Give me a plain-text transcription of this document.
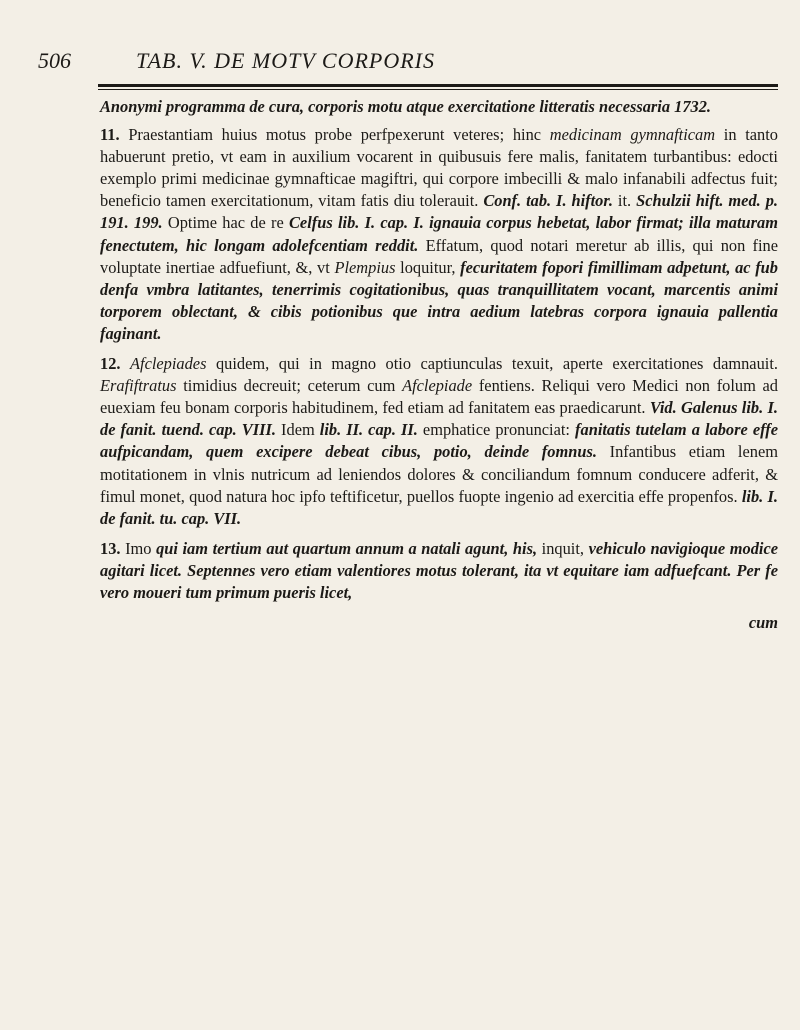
506	TAB. V. DE MOTV CORPORIS

Anonymi programma de cura, corporis motu atque exercitatione litteratis necessaria 1732.

11. Praestantiam huius motus probe perfpexerunt veteres; hinc medicinam gymnafticam in tanto habuerunt pretio, vt eam in auxilium vocarent in quibusuis fere malis, fanitatem turbantibus: edocti exemplo primi medicinae gymnafticae magiftri, qui corpore imbecilli & malo infanabili adfectus fuit; beneficio tamen exercitationum, vitam fatis diu tolerauit. Conf. tab. I. hiftor. it. Schulzii hift. med. p. 191. 199. Optime hac de re Celfus lib. I. cap. I. ignauia corpus hebetat, labor firmat; illa maturam fenectutem, hic longam adolefcentiam reddit. Effatum, quod notari meretur ab illis, qui non fine voluptate inertiae adfuefiunt, &, vt Plempius loquitur, fecuritatem fopori fimillimam adpetunt, ac fub denfa vmbra latitantes, tenerrimis cogitationibus, quas tranquillitatem vocant, marcentis animi torporem oblectant, & cibis potionibus que intra aedium latebras corpora ignauia pallentia faginant.

12. Afclepiades quidem, qui in magno otio captiunculas texuit, aperte exercitationes damnauit. Erafiftratus timidius decreuit; ceterum cum Afclepiade fentiens. Reliqui vero Medici non folum ad euexiam feu bonam corporis habitudinem, fed etiam ad fanitatem eas praedicarunt. Vid. Galenus lib. I. de fanit. tuend. cap. VIII. Idem lib. II. cap. II. emphatice pronunciat: fanitatis tutelam a labore effe aufpicandam, quem excipere debeat cibus, potio, deinde fomnus. Infantibus etiam lenem motitationem in vlnis nutricum ad leniendos dolores & conciliandum fomnum conducere adferit, & fimul monet, quod natura hoc ipfo teftificetur, puellos fuopte ingenio ad exercitia effe propenfos. lib. I. de fanit. tu. cap. VII.

13. Imo qui iam tertium aut quartum annum a natali agunt, his, inquit, vehiculo navigioque modice agitari licet. Septennes vero etiam valentiores motus tolerant, ita vt equitare iam adfuefcant. Per fe vero moueri tum primum pueris licet,

cum
